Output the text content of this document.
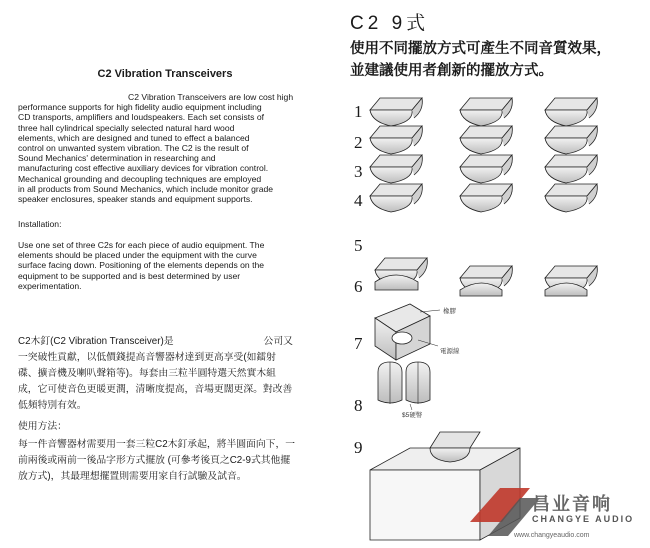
C2 Vibration Transceivers

C2 Vibration Transceivers are low cost high

performance supports for high fidelity audio equipment including

CD transports, amplifiers and loudspeakers. Each set consists of

three hall cylindrical specially selected natural hard wood

elements, which are designed and tuned to effect a balanced

control on unwanted system vibration. The C2 is the result of

Sound Mechanics' determination in researching and

manufacturing cost effective auxiliary devices for vibration control.

Mechanical grounding and decoupling techniques are employed

in all products from Sound Mechanics, which include monitor grade

speaker enclosures, speaker stands and equipment supports.

Installation:
Use one set of three C2s for each piece of audio equipment. The
elements should be placed under the equipment with the curve
surface facing down. Positioning of the elements depends on the
equipment to be supported and is best determined by user
experimentation.
C2木釘(C2 Vibration Transceiver)是	公司又
一突破性貢獻，以低價錢提高音響器材達到更高享受(如鐳射
碟、擴音機及喇叭聲箱等)。每套由三粒半圓特選天然實木組
成，它可使音色更暖更潤，清晰度提高，音場更闊更深。對改善
低頻特別有效。
使用方法：
每一件音響器材需要用一套三粒C2木釘承起，將半圓面向下，一
前兩後或兩前一後品字形方式擺放 (可參考後頁之C2-9式其他擺
放方式)，其最理想擺置則需要用家自行試驗及試音。
C2 9式
使用不同擺放方式可產生不同音質效果，
並建議使用者創新的擺放方式。
1
2
3
4
5
6
7
8
9
橡膠
電源線
$5硬幣
昌业音响
CHANGYE AUDIO
www.changyeaudio.com
